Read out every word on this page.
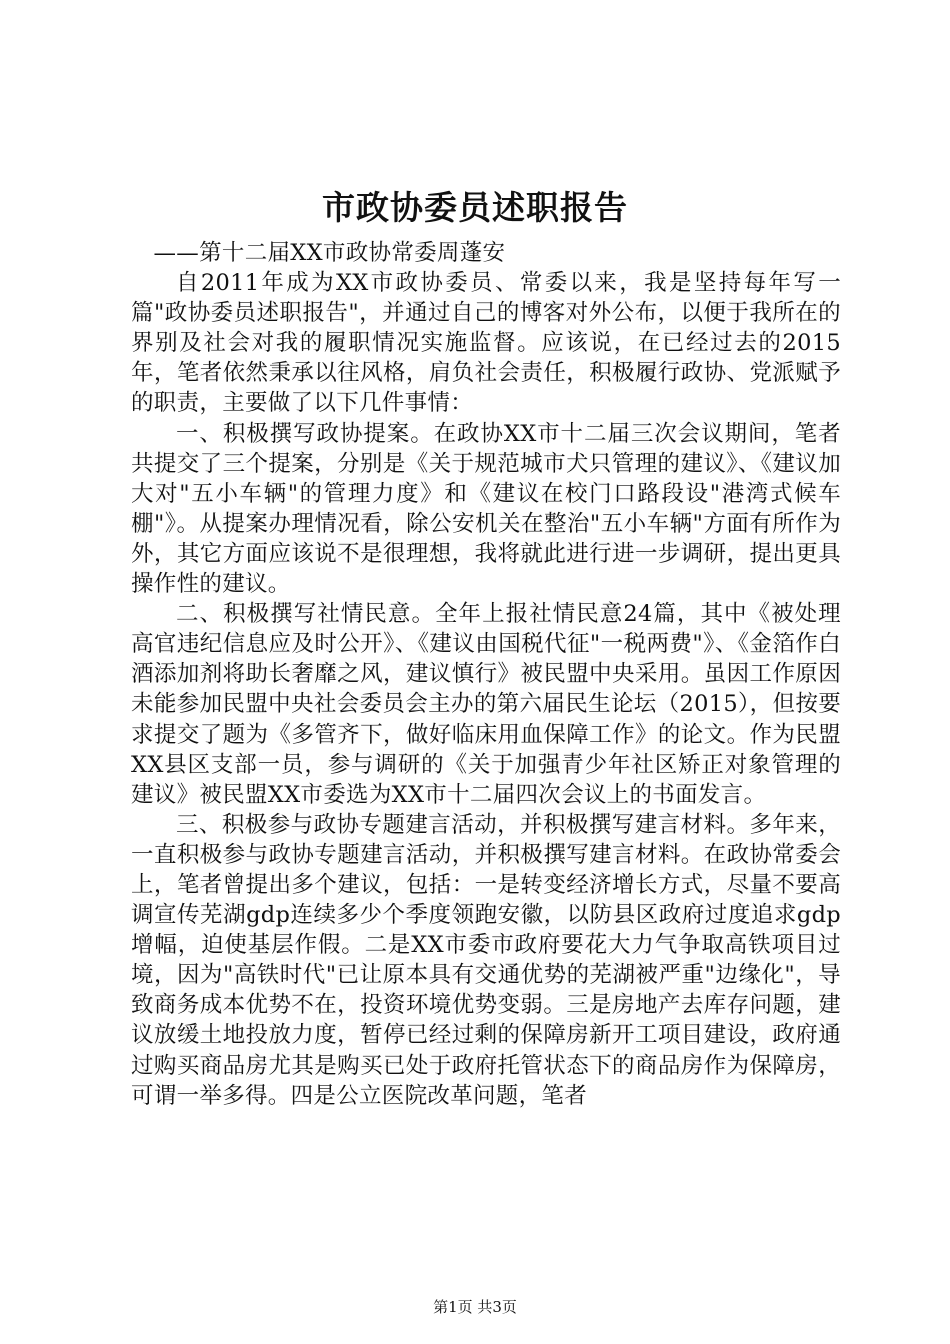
市政协委员述职报告

——第十二届XX市政协常委周蓬安

自2011年成为XX市政协委员、常委以来，我是坚持每年写一篇"政协委员述职报告"，并通过自己的博客对外公布，以便于我所在的界别及社会对我的履职情况实施监督。应该说，在已经过去的2015年，笔者依然秉承以往风格，肩负社会责任，积极履行政协、党派赋予的职责，主要做了以下几件事情：

一、积极撰写政协提案。在政协XX市十二届三次会议期间，笔者共提交了三个提案，分别是《关于规范城市犬只管理的建议》、《建议加大对"五小车辆"的管理力度》和《建议在校门口路段设"港湾式候车棚"》。从提案办理情况看，除公安机关在整治"五小车辆"方面有所作为外，其它方面应该说不是很理想，我将就此进行进一步调研，提出更具操作性的建议。

二、积极撰写社情民意。全年上报社情民意24篇，其中《被处理高官违纪信息应及时公开》、《建议由国税代征"一税两费"》、《金箔作白酒添加剂将助长奢靡之风，建议慎行》被民盟中央采用。虽因工作原因未能参加民盟中央社会委员会主办的第六届民生论坛（2015），但按要求提交了题为《多管齐下，做好临床用血保障工作》的论文。作为民盟XX县区支部一员，参与调研的《关于加强青少年社区矫正对象管理的建议》被民盟XX市委选为XX市十二届四次会议上的书面发言。

三、积极参与政协专题建言活动，并积极撰写建言材料。多年来，一直积极参与政协专题建言活动，并积极撰写建言材料。在政协常委会上，笔者曾提出多个建议，包括：一是转变经济增长方式，尽量不要高调宣传芜湖gdp连续多少个季度领跑安徽，以防县区政府过度追求gdp增幅，迫使基层作假。二是XX市委市政府要花大力气争取高铁项目过境，因为"高铁时代"已让原本具有交通优势的芜湖被严重"边缘化"，导致商务成本优势不在，投资环境优势变弱。三是房地产去库存问题，建议放缓土地投放力度，暂停已经过剩的保障房新开工项目建设，政府通过购买商品房尤其是购买已处于政府托管状态下的商品房作为保障房，可谓一举多得。四是公立医院改革问题，笔者

第1页 共3页
